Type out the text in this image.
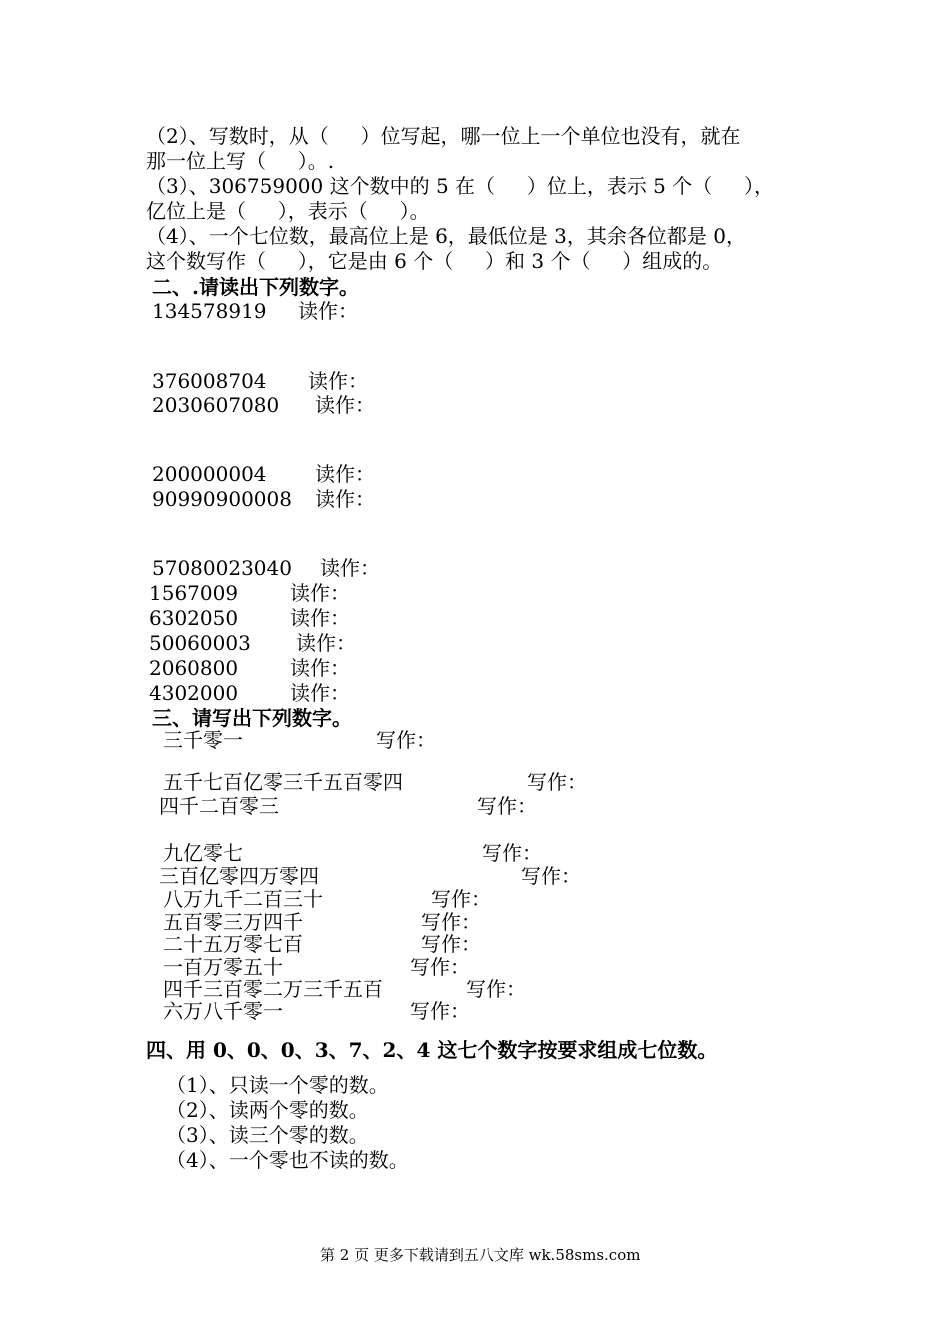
（2）、写数时，从（     ）位写起，哪一位上一个单位也没有，就在
那一位上写（     ）。.
（3）、306759000 这个数中的 5 在（     ）位上，表示 5 个（     ），
亿位上是（     ），表示（     ）。
（4）、一个七位数，最高位上是 6，最低位是 3，其余各位都是 0，
这个数写作（     ），它是由 6 个（     ）和 3 个（     ）组成的。
二、.请读出下列数字。
134578919 读作：
376008704 读作：
2030607080 读作：
200000004 读作：
90990900008 读作：
57080023040 读作：
1567009	读作：
6302050	读作：
50060003 读作：
2060800	读作：
4302000	读作：
三、请写出下列数字。
三千零一	写作：
五千七百亿零三千五百零四	写作：
四千二百零三	写作：
九亿零七	写作：
三百亿零四万零四	写作：
八万九千二百三十	写作：
五百零三万四千	写作：
二十五万零七百	写作：
一百万零五十	写作：
四千三百零二万三千五百	写作：
六万八千零一	写作：
四、用 0、0、0、3、7、2、4 这七个数字按要求组成七位数。
（1）、只读一个零的数。
（2）、读两个零的数。
（3）、读三个零的数。
（4）、一个零也不读的数。
第 2 页 更多下载请到五八文库 wk.58sms.com
